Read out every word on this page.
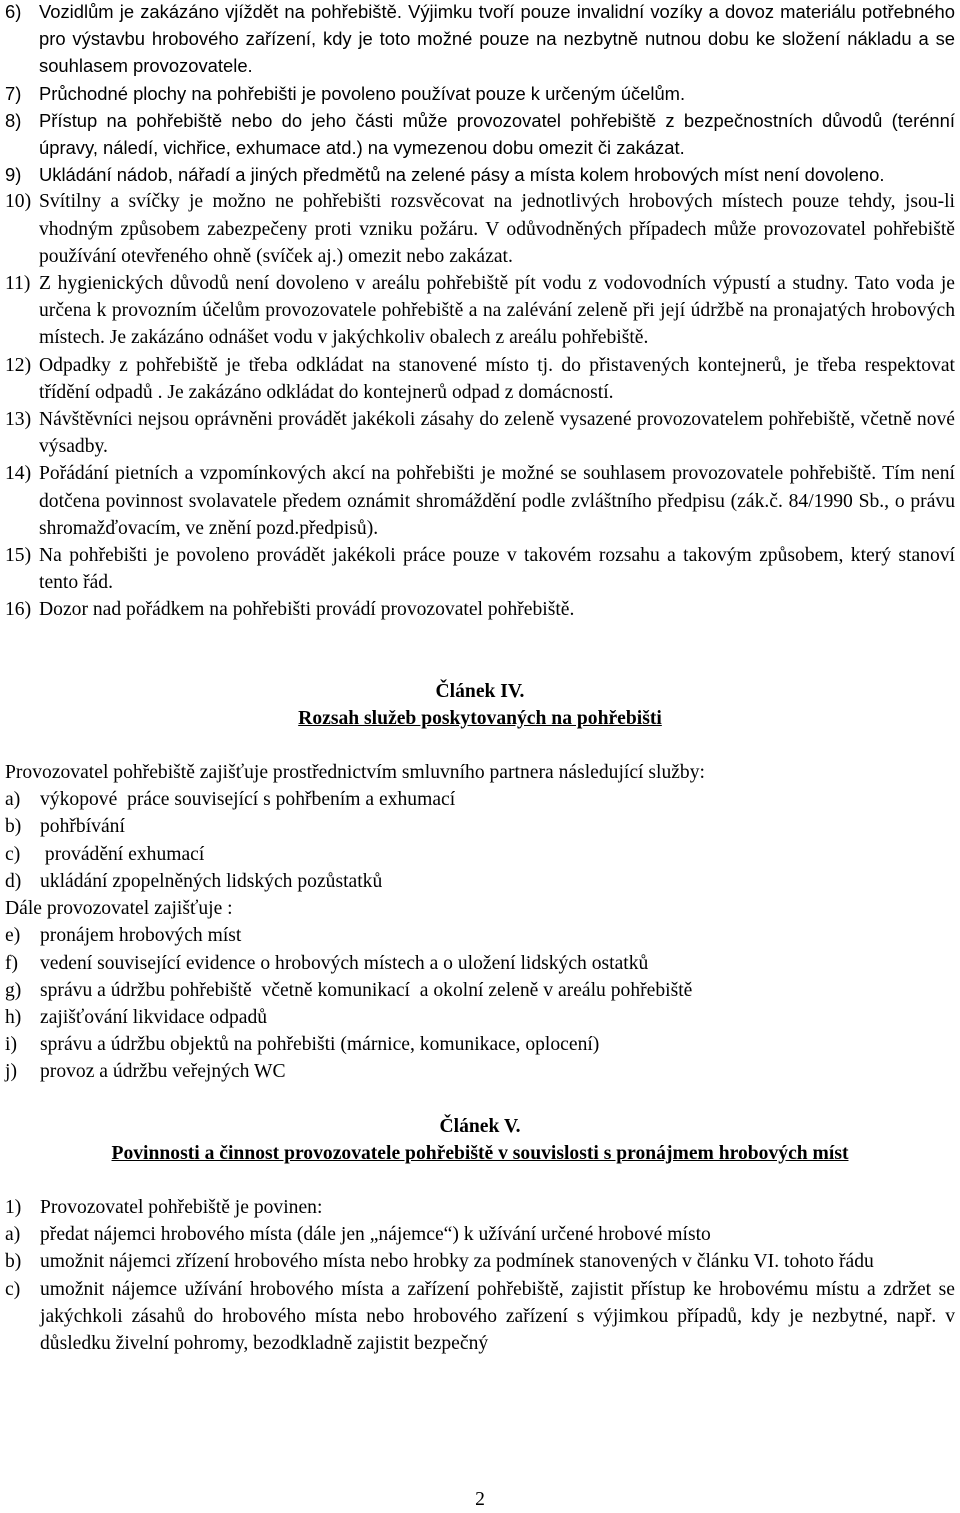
6) Vozidlům je zakázáno vjíždět na pohřebiště. Výjimku tvoří pouze invalidní vozíky a dovoz materiálu potřebného pro výstavbu hrobového zařízení, kdy je toto možné pouze na nezbytně nutnou dobu ke složení nákladu a se souhlasem provozovatele.
7) Průchodné plochy na pohřebišti je povoleno používat pouze k určeným účelům.
8) Přístup na pohřebiště nebo do jeho části může provozovatel pohřebiště z bezpečnostních důvodů (terénní úpravy, náledí, vichřice, exhumace atd.) na vymezenou dobu omezit či zakázat.
9) Ukládání nádob, nářadí a jiných předmětů na zelené pásy a místa kolem hrobových míst není dovoleno.
10) Svítilny a svíčky je možno ne pohřebišti rozsvěcovat na jednotlivých hrobových místech pouze tehdy, jsou-li vhodným způsobem zabezpečeny proti vzniku požáru. V odůvodněných případech může provozovatel pohřebiště používání otevřeného ohně (svíček aj.) omezit nebo zakázat.
11) Z hygienických důvodů není dovoleno v areálu pohřebiště pít vodu z vodovodních výpustí a studny. Tato voda je určena k provozním účelům provozovatele pohřebiště a na zalévání zeleně při její údržbě na pronajatých hrobových místech. Je zakázáno odnášet vodu v jakýchkoliv obalech z areálu pohřebiště.
12) Odpadky z pohřebiště je třeba odkládat na stanovené místo tj. do přistavených kontejnerů, je třeba respektovat třídění odpadů . Je zakázáno odkládat do kontejnerů odpad z domácností.
13) Návštěvníci nejsou oprávněni provádět jakékoli zásahy do zeleně vysazené provozovatelem pohřebiště, včetně nové výsadby.
14) Pořádání pietních a vzpomínkových akcí na pohřebišti je možné se souhlasem provozovatele pohřebiště. Tím není dotčena povinnost svolavatele předem oznámit shromáždění podle zvláštního předpisu (zák.č. 84/1990 Sb., o právu shromažďovacím, ve znění pozd.předpisů).
15) Na pohřebišti je povoleno provádět jakékoli práce pouze v takovém rozsahu a takovým způsobem, který stanoví tento řád.
16) Dozor nad pořádkem na pohřebišti provádí provozovatel pohřebiště.
Článek IV.
Rozsah služeb poskytovaných na pohřebišti
Provozovatel pohřebiště zajišťuje prostřednictvím smluvního partnera následující služby:
a)	výkopové  práce související s pohřbením a exhumací
b) pohřbívání
c)	provádění exhumací
d) ukládání zpopelněných lidských pozůstatků
Dále provozovatel zajišťuje :
e)	pronájem hrobových míst
f)	vedení související evidence o hrobových místech a o uložení lidských ostatků
g) správu a údržbu pohřebiště  včetně komunikací  a okolní zeleně v areálu pohřebiště
h) zajišťování likvidace odpadů
i)	správu a údržbu objektů na pohřebišti (márnice, komunikace, oplocení)
j)	provoz a údržbu veřejných WC
Článek V.
Povinnosti a činnost provozovatele pohřebiště v souvislosti s pronájmem hrobových míst
1) Provozovatel pohřebiště je povinen:
a)	předat nájemci hrobového místa (dále jen „nájemce“) k užívání určené hrobové místo
b) umožnit nájemci zřízení hrobového místa nebo hrobky za podmínek stanovených v článku VI. tohoto řádu
c)	umožnit nájemce užívání hrobového místa a zařízení pohřebiště, zajistit přístup ke hrobovému místu a zdržet se jakýchkoli zásahů do hrobového místa nebo hrobového zařízení s výjimkou případů, kdy je nezbytné, např. v důsledku živelní pohromy, bezodkladně zajistit bezpečný
2
